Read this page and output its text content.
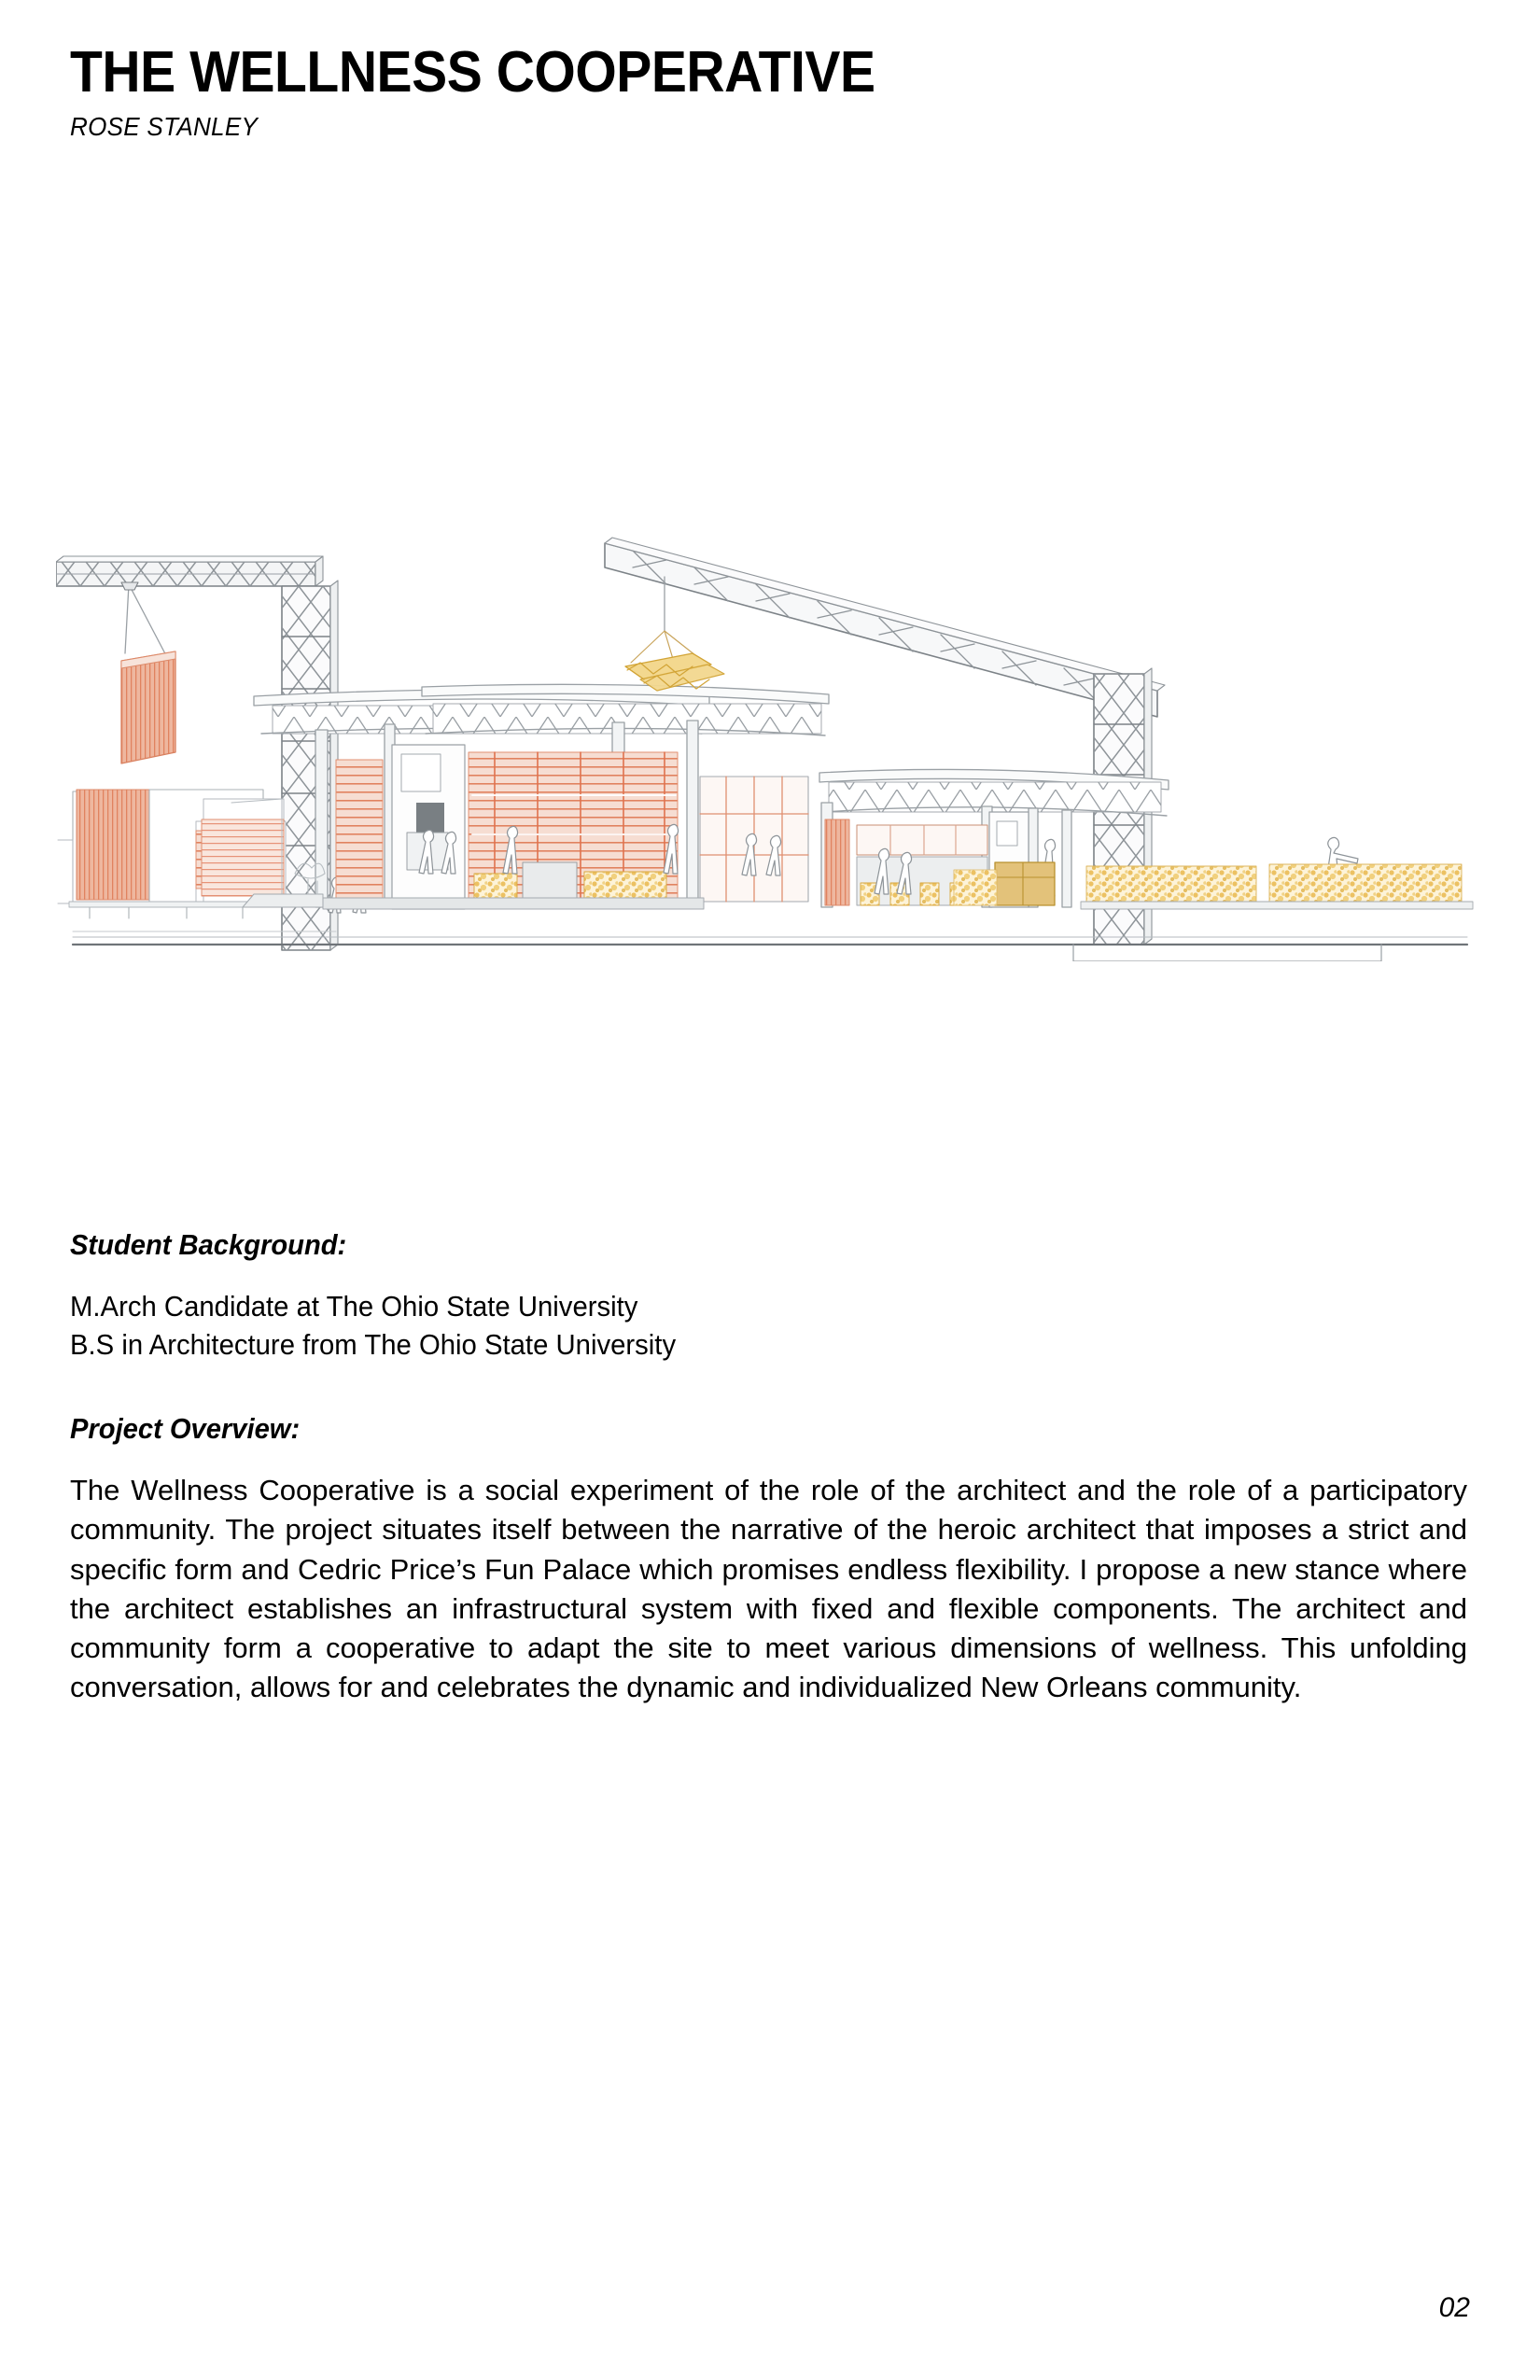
THE WELLNESS COOPERATIVE
ROSE STANLEY
Student Background:
M.Arch Candidate at The Ohio State University
B.S in Architecture from The Ohio State University
Project Overview:

The Wellness Cooperative is a social experiment of the role of the architect and the role of a participatory community. The project situates itself between the narrative of the heroic architect that imposes a strict and specific form and Cedric Price’s Fun Palace which promises endless flexibility. I propose a new stance where the architect establishes an infrastructural system with fixed and flexible components. The architect and community form a cooperative to adapt the site to meet various dimensions of wellness. This unfolding conversation, allows for and celebrates the dynamic and individualized New Orleans community.

02
